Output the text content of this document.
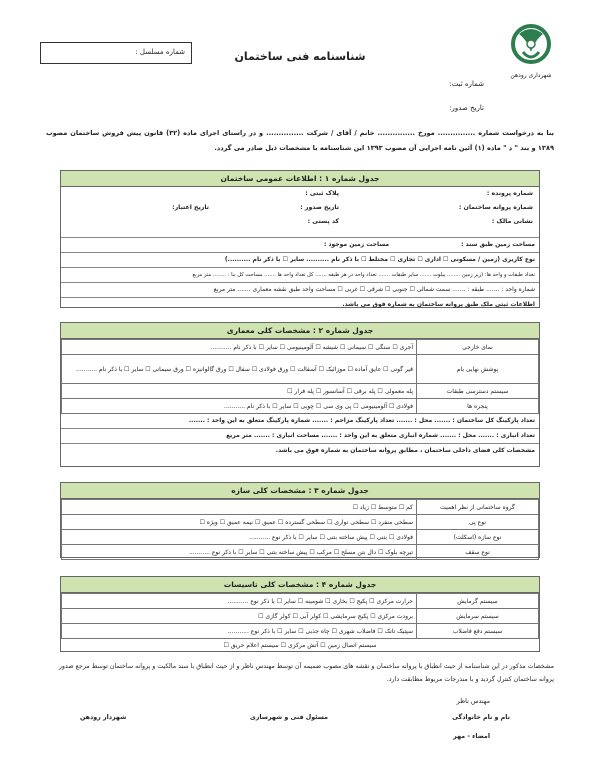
شهرداری رودهن
شماره مسلسل :	شناسنامه فنی ساختمان
شماره ثبت:
تاریخ صدور:
بنا به درخواست شماره ............... مورخ ............... خانم / آقای / شرکت ............... و در راستای اجرای ماده (۳۲) قانون پیش فروش ساختمان مصوب ۱۳۸۹ و بند " د " ماده (۱) آئین نامه اجرایی آن مصوب ۱۳۹۳ این شناسنامه با مشخصات ذیل صادر می گردد.
جدول شماره ۱ : اطلاعات عمومی ساختمان
شماره پرونده :
پلاک ثبتی :
شماره پروانه ساختمان :
تاریخ صدور :
تاریخ اعتبار:
نشانی مالک :
کد پستی :
مساحت زمین طبق سند : مساحت زمین موجود :
نوع کاربری (زمین / مسکونی ☐ اداری ☐ تجاری ☐ مختلط ☐ با ذکر نام .......... سایر ☐ با ذکر نام ..........)
تعداد طبقات و واحد ها: (زیر زمین ........ پیلوت ....... سایر طبقات ....... تعداد واحد در هر طبقه ....... کل تعداد واحد ها ....... مساحت کل بنا : ........ متر مربع
شماره واحد : ....... طبقه : ....... سمت شمالی ☐ جنوبی ☐ شرقی ☐ غربی ☐ مساحت واحد طبق نقشه معماری ....... متر مربع
اطلاعات ثبتی ملک طبق پروانه ساختمان به شماره فوق می باشد.
جدول شماره ۲ : مشخصات کلی معماری
نمای خارجی	آجری ☐ سنگی ☐ سیمانی ☐ شیشه ☐ آلومینیومی ☐ سایر ☐ با ذکر نام ...........
پوشش نهایی بام	قیر گونی ☐ عایق آماده ☐ موزائیک ☐ آسفالت ☐ ورق فولادی ☐ سفال ☐ ورق گالوانیزه ☐ ورق سیمانی ☐ سایر ☐ با ذکر نام ...........
سیستم دسترسی طبقات	پله معمولی ☐ پله برقی ☐ آسانسور ☐ پله فرار ☐
پنجره ها	فولادی ☐ آلومینیومی ☐ پی وی سی ☐ چوبی ☐ سایر ☐ با ذکر نام ...........
تعداد پارکینگ کل ساختمان : ....... محل : ....... تعداد پارکینگ مزاحم : ....... شماره پارکینگ متعلق به این واحد : .......
تعداد انباری : ....... محل : ....... شماره انباری متعلق به این واحد : ....... مساحت انباری : ....... متر مربع
مشخصات کلی فضای داخلی ساختمان ، مطابق پروانه ساختمان به شماره فوق می باشد.
جدول شماره ۳ : مشخصات کلی سازه
گروه ساختمانی از نظر اهمیت	کم ☐ متوسط ☐ زیاد ☐
نوع پی	سطحی منفرد ☐ سطحی نواری ☐ سطحی گسترده ☐ عمیق ☐ نیمه عمیق ☐ ویژه ☐
نوع سازه (اسکلت)	فولادی ☐ بتنی ☐ پیش ساخته بتنی ☐ سایر ☐ با ذکر نوع ...........
نوع سقف	تیرچه بلوک ☐ دال بتن مسلح ☐ مرکب ☐ پیش ساخته بتنی ☐ سایر ☐ با ذکر نوع ...........
جدول شماره ۴ : مشخصات کلی تاسیسات
سیستم گرمایش	حرارت مرکزی ☐ پکیج ☐ بخاری ☐ شومینه ☐ سایر ☐ با ذکر نوع ...........
سیستم سرمایش	برودت مرکزی ☐ پکیج سرمایشی ☐ کولر آبی ☐ کولر گازی ☐
سیستم دفع فاضلاب	سپتیک تانک ☐ فاضلاب شهری ☐ چاه جذبی ☐ سایر ☐ با ذکر نوع ...........
سیستم اتصال زمین ☐ آتش مرکزی ☐ سیستم اعلام حریق ☐
مشخصات مذکور در این شناسنامه از حیث انطباق با پروانه ساختمان و نقشه های مصوب ضمیمه آن توسط مهندس ناظر و از حیث انطباق با سند مالکیت و پروانه ساختمان توسط مرجع صدور پروانه ساختمان کنترل گردید و با مندرجات مربوط مطابقت دارد.
مهندس ناظر
نام و نام خانوادگی
امضاء - مهر
مسئول فنی و شهرسازی
شهردار رودهن
